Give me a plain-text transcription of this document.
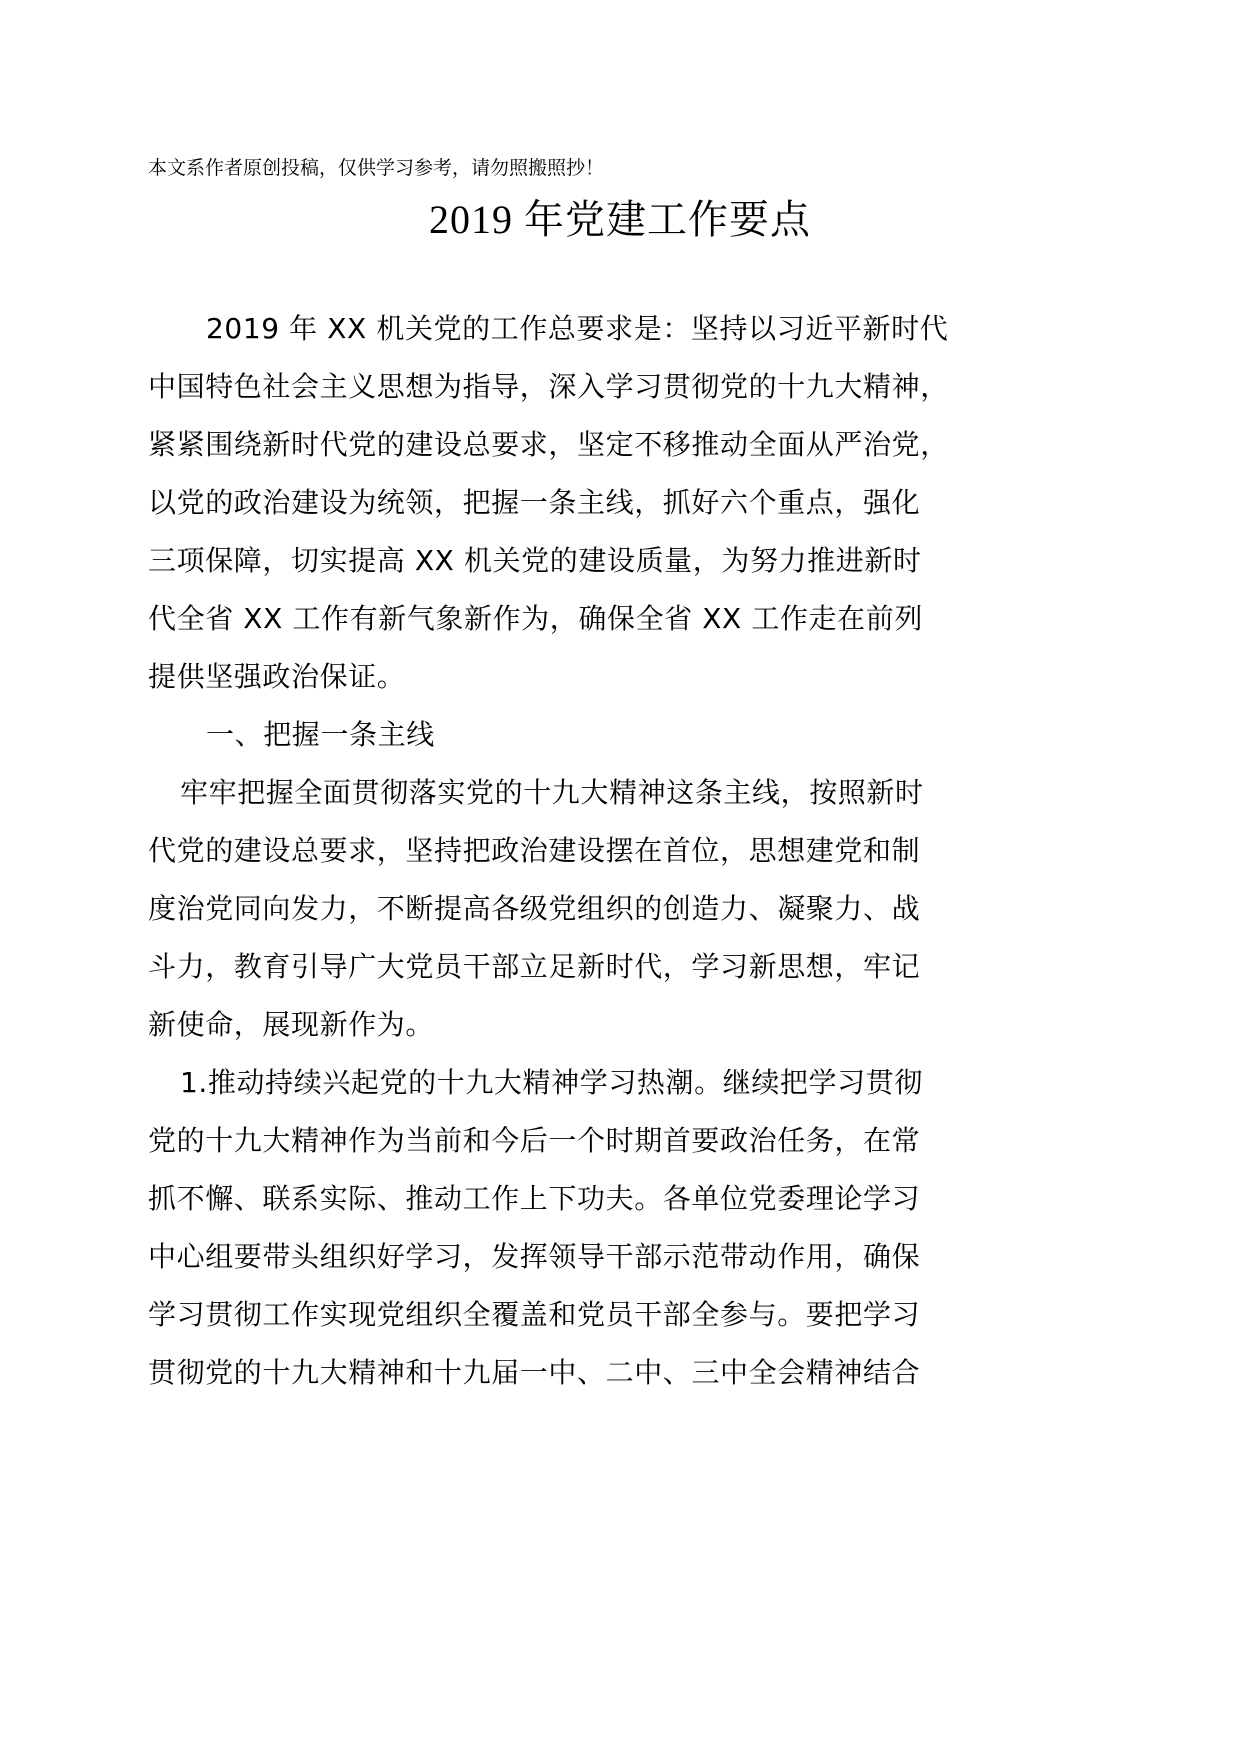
本文系作者原创投稿，仅供学习参考，请勿照搬照抄！
2019 年党建工作要点
2019 年 XX 机关党的工作总要求是：坚持以习近平新时代
中国特色社会主义思想为指导，深入学习贯彻党的十九大精神，
紧紧围绕新时代党的建设总要求，坚定不移推动全面从严治党，
以党的政治建设为统领，把握一条主线，抓好六个重点，强化
三项保障，切实提高 XX 机关党的建设质量，为努力推进新时
代全省 XX 工作有新气象新作为，确保全省 XX 工作走在前列
提供坚强政治保证。
一、把握一条主线
牢牢把握全面贯彻落实党的十九大精神这条主线，按照新时
代党的建设总要求，坚持把政治建设摆在首位，思想建党和制
度治党同向发力，不断提高各级党组织的创造力、凝聚力、战
斗力，教育引导广大党员干部立足新时代，学习新思想，牢记
新使命，展现新作为。
1.推动持续兴起党的十九大精神学习热潮。继续把学习贯彻
党的十九大精神作为当前和今后一个时期首要政治任务，在常
抓不懈、联系实际、推动工作上下功夫。各单位党委理论学习
中心组要带头组织好学习，发挥领导干部示范带动作用，确保
学习贯彻工作实现党组织全覆盖和党员干部全参与。要把学习
贯彻党的十九大精神和十九届一中、二中、三中全会精神结合
